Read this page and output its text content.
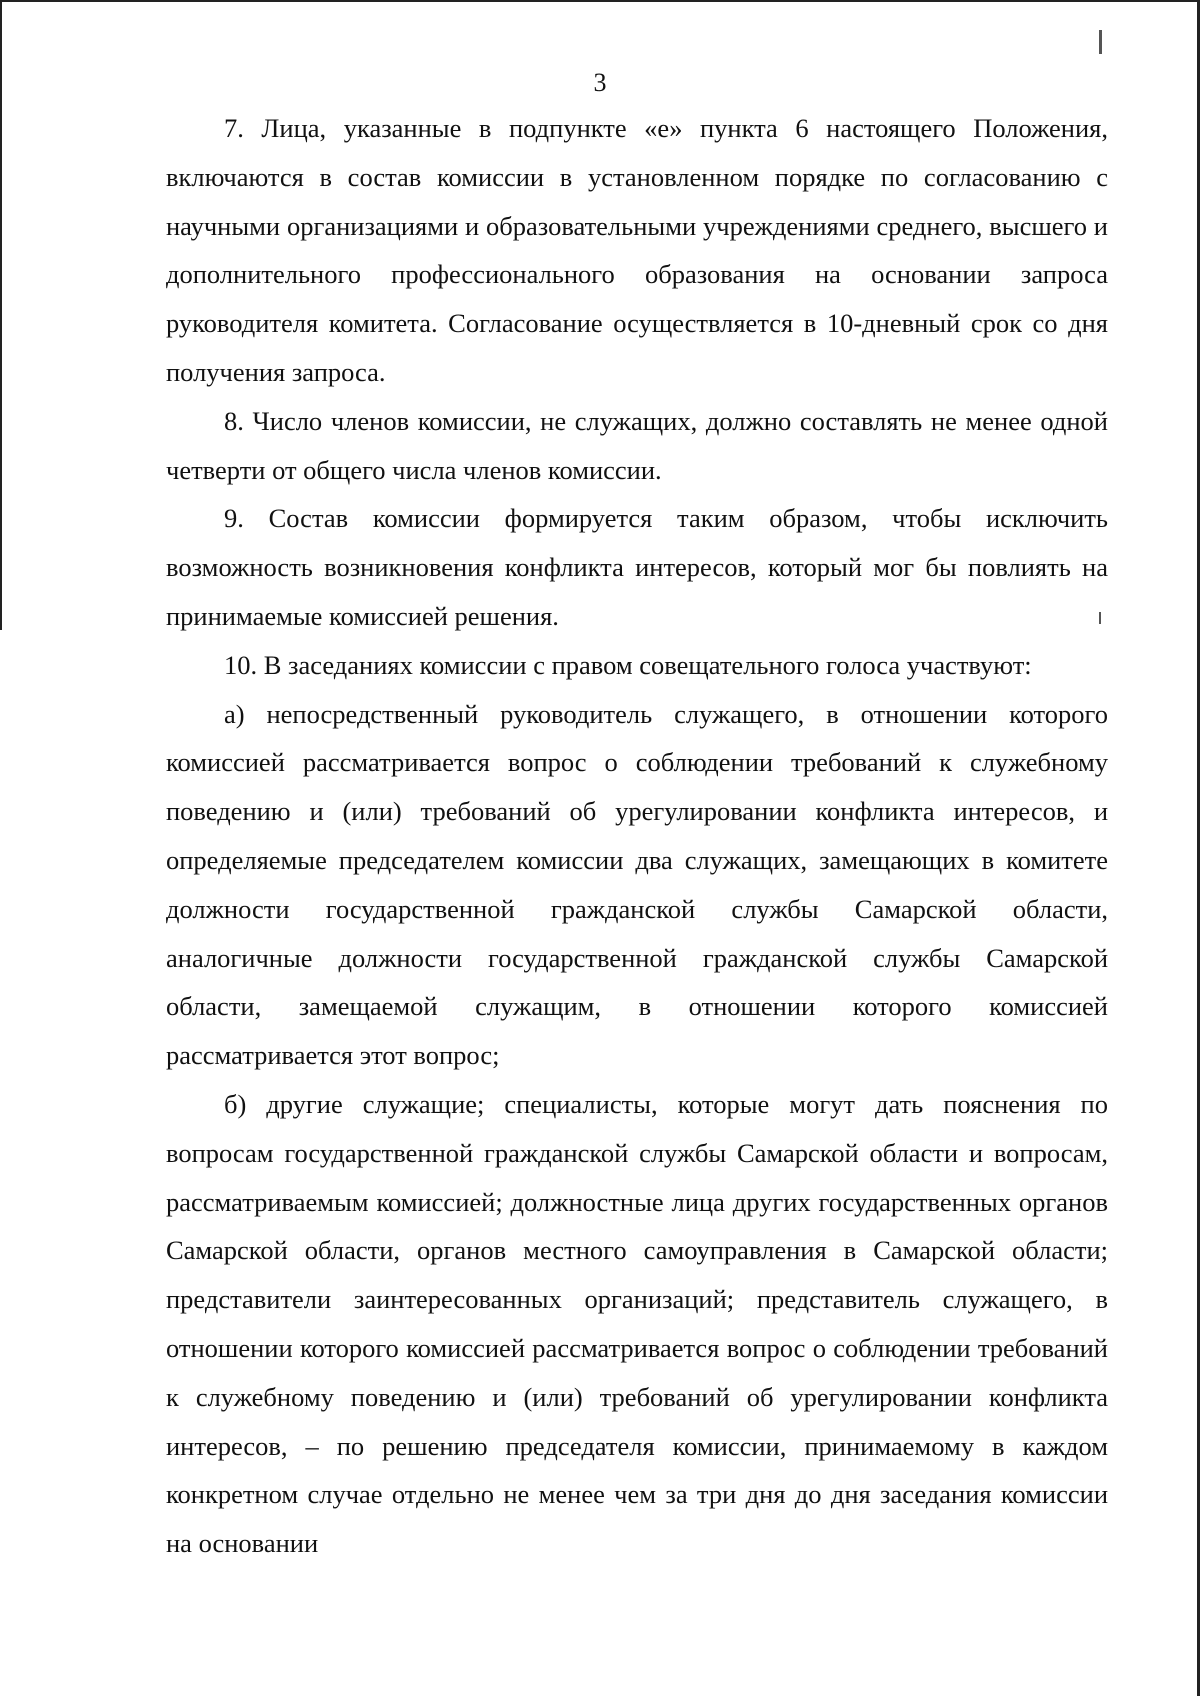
3

7. Лица, указанные в подпункте «е» пункта 6 настоящего Положения, включаются в состав комиссии в установленном порядке по согласованию с научными организациями и образовательными учреждениями среднего, высшего и дополнительного профессионального образования на основании запроса руководителя комитета. Согласование осуществляется в 10-дневный срок со дня получения запроса.

8. Число членов комиссии, не служащих, должно составлять не менее одной четверти от общего числа членов комиссии.

9. Состав комиссии формируется таким образом, чтобы исключить возможность возникновения конфликта интересов, который мог бы повлиять на принимаемые комиссией решения.

10. В заседаниях комиссии с правом совещательного голоса участвуют:

а) непосредственный руководитель служащего, в отношении которого комиссией рассматривается вопрос о соблюдении требований к служебному поведению и (или) требований об урегулировании конфликта интересов, и определяемые председателем комиссии два служащих, замещающих в комитете должности государственной гражданской службы Самарской области, аналогичные должности государственной гражданской службы Самарской области, замещаемой служащим, в отношении которого комиссией рассматривается этот вопрос;

б) другие служащие; специалисты, которые могут дать пояснения по вопросам государственной гражданской службы Самарской области и вопросам, рассматриваемым комиссией; должностные лица других государственных органов Самарской области, органов местного самоуправления в Самарской области; представители заинтересованных организаций; представитель служащего, в отношении которого комиссией рассматривается вопрос о соблюдении требований к служебному поведению и (или) требований об урегулировании конфликта интересов, – по решению председателя комиссии, принимаемому в каждом конкретном случае отдельно не менее чем за три дня до дня заседания комиссии на основании
